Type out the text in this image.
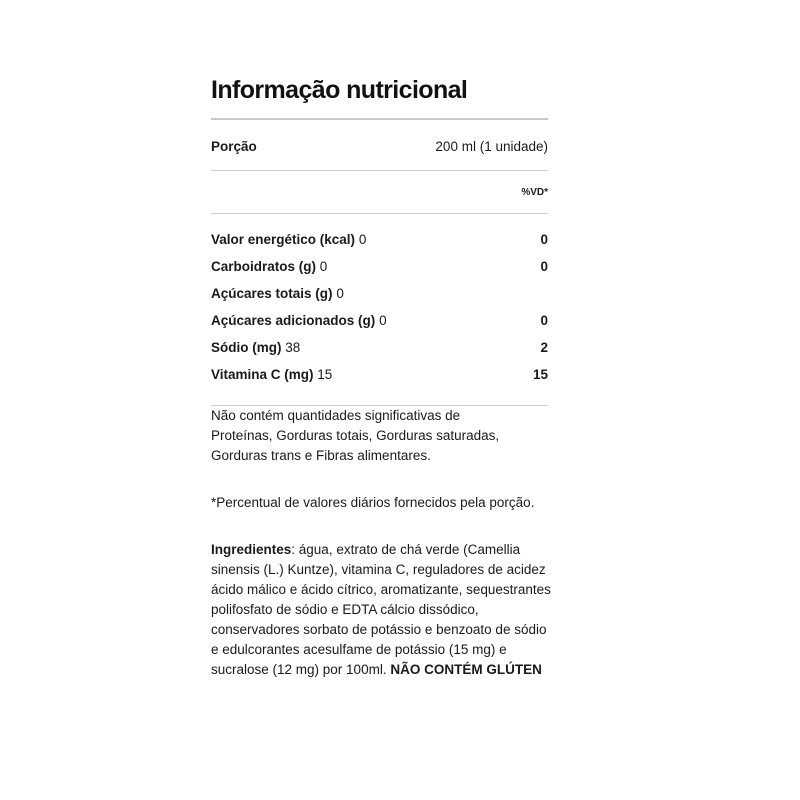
Informação nutricional
Porção	200 ml (1 unidade)
%VD*
Valor energético (kcal) 0	0
Carboidratos (g) 0	0
Açúcares totais (g) 0
Açúcares adicionados (g) 0	0
Sódio (mg) 38	2
Vitamina C (mg) 15	15
Não contém quantidades significativas de Proteínas, Gorduras totais, Gorduras saturadas, Gorduras trans e Fibras alimentares.
*Percentual de valores diários fornecidos pela porção.
Ingredientes: água, extrato de chá verde (Camellia sinensis (L.) Kuntze), vitamina C, reguladores de acidez ácido málico e ácido cítrico, aromatizante, sequestrantes polifosfato de sódio e EDTA cálcio dissódico, conservadores sorbato de potássio e benzoato de sódio e edulcorantes acesulfame de potássio (15 mg) e sucralose (12 mg) por 100ml. NÃO CONTÉM GLÚTEN
